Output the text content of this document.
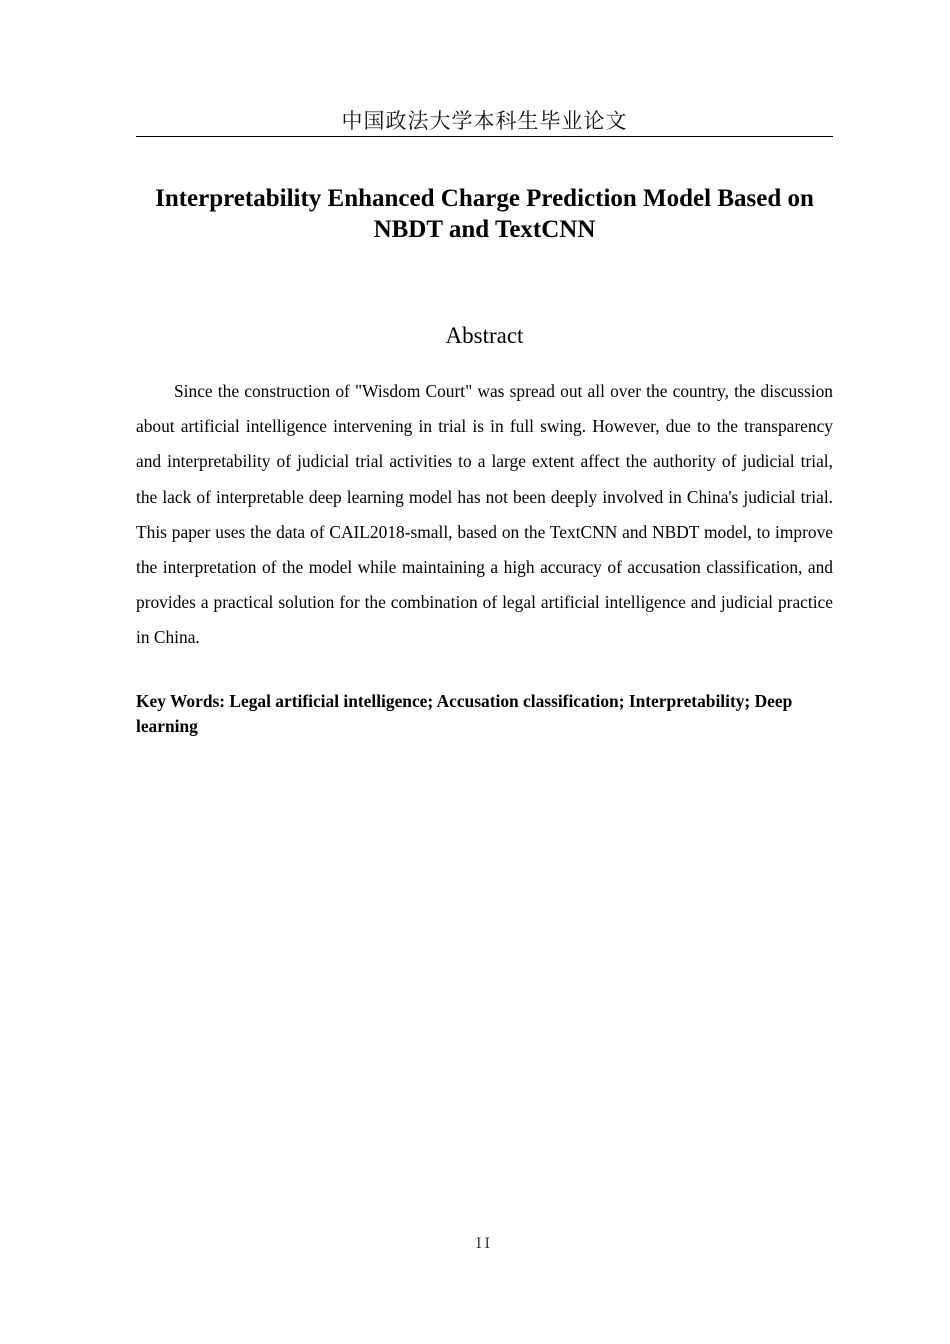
中国政法大学本科生毕业论文
Interpretability Enhanced Charge Prediction Model Based on NBDT and TextCNN
Abstract

Since the construction of "Wisdom Court" was spread out all over the country, the discussion about artificial intelligence intervening in trial is in full swing. However, due to the transparency and interpretability of judicial trial activities to a large extent affect the authority of judicial trial, the lack of interpretable deep learning model has not been deeply involved in China's judicial trial. This paper uses the data of CAIL2018-small, based on the TextCNN and NBDT model, to improve the interpretation of the model while maintaining a high accuracy of accusation classification, and provides a practical solution for the combination of legal artificial intelligence and judicial practice in China.

Key Words: Legal artificial intelligence; Accusation classification; Interpretability; Deep learning

II
